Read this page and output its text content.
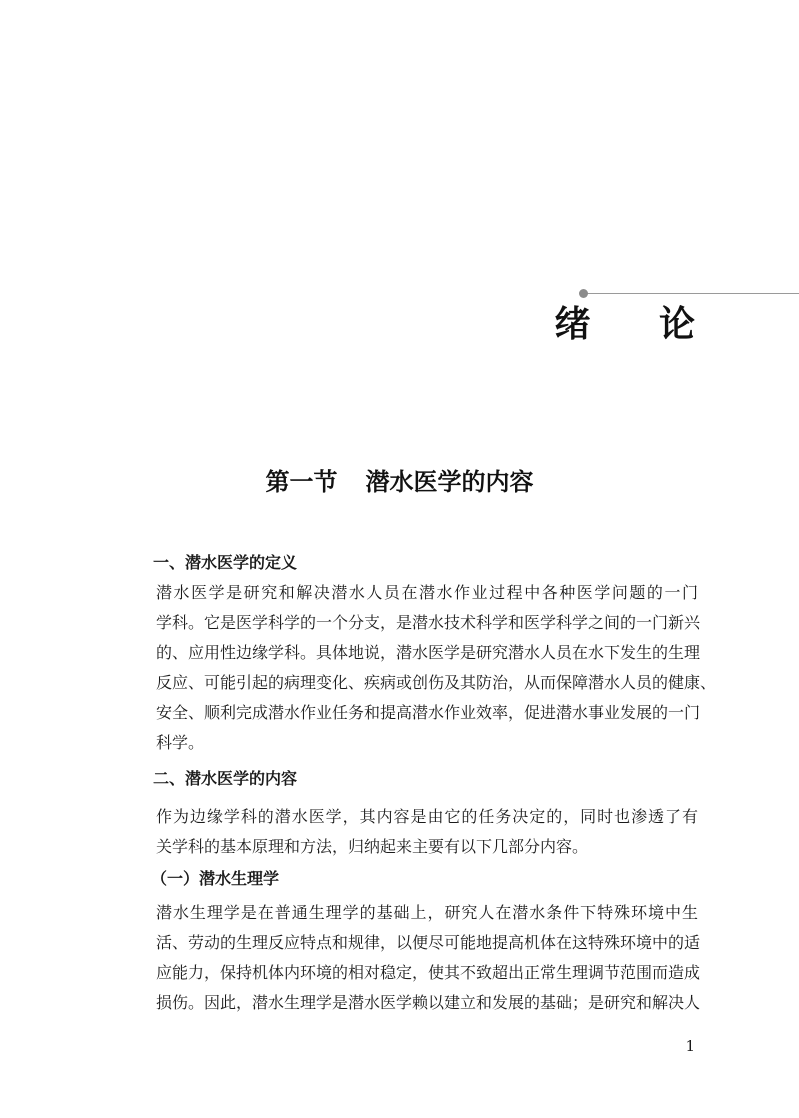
绪 论
第一节 潜水医学的内容
一、潜水医学的定义
潜水医学是研究和解决潜水人员在潜水作业过程中各种医学问题的一门
学科。它是医学科学的一个分支，是潜水技术科学和医学科学之间的一门新兴
的、应用性边缘学科。具体地说，潜水医学是研究潜水人员在水下发生的生理
反应、可能引起的病理变化、疾病或创伤及其防治，从而保障潜水人员的健康、
安全、顺利完成潜水作业任务和提高潜水作业效率，促进潜水事业发展的一门
科学。
二、潜水医学的内容
作为边缘学科的潜水医学，其内容是由它的任务决定的，同时也渗透了有
关学科的基本原理和方法，归纳起来主要有以下几部分内容。
（一）潜水生理学
潜水生理学是在普通生理学的基础上，研究人在潜水条件下特殊环境中生
活、劳动的生理反应特点和规律，以便尽可能地提高机体在这特殊环境中的适
应能力，保持机体内环境的相对稳定，使其不致超出正常生理调节范围而造成
损伤。因此，潜水生理学是潜水医学赖以建立和发展的基础；是研究和解决人
1
